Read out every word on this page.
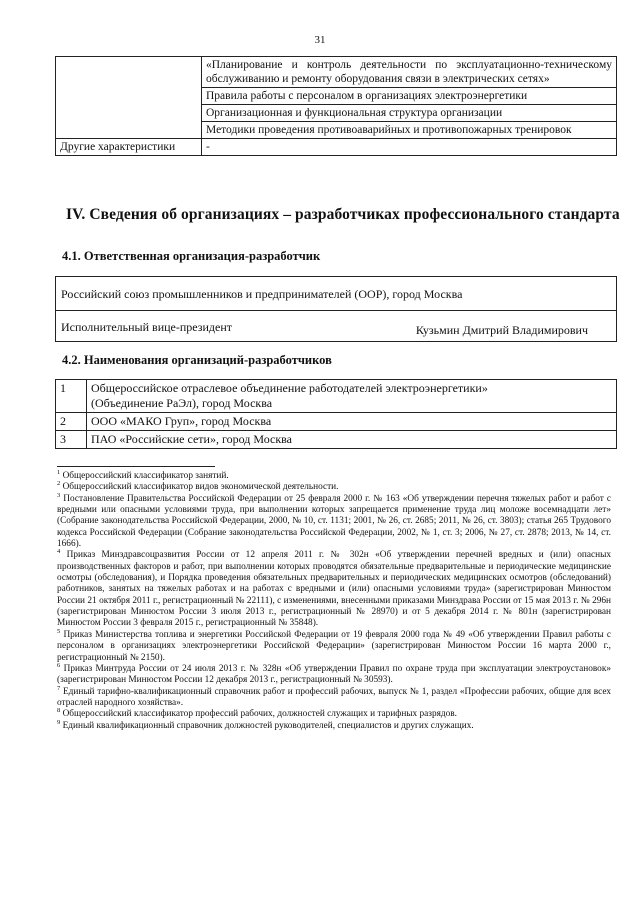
31
	«Планирование и контроль деятельности по эксплуатационно-техническому обслуживанию и ремонту оборудования связи в электрических сетях»
	Правила работы с персоналом в организациях электроэнергетики
	Организационная и функциональная структура организации
	Методики проведения противоаварийных и противопожарных тренировок
Другие характеристики	-
IV. Сведения об организациях – разработчиках профессионального стандарта
4.1. Ответственная организация-разработчик
Российский союз промышленников и предпринимателей (ООР), город Москва
Исполнительный вице-президент	Кузьмин Дмитрий Владимирович
4.2. Наименования организаций-разработчиков
1	Общероссийское отраслевое объединение работодателей электроэнергетики» (Объединение РаЭл), город Москва
2	ООО «МАКО Груп», город Москва
3	ПАО «Российские сети», город Москва

$^1$ Общероссийский классификатор занятий.

$^2$ Общероссийский классификатор видов экономической деятельности.

$^3$ Постановление Правительства Российской Федерации от 25 февраля 2000 г. № 163 «Об утверждении перечня тяжелых работ и работ с вредными или опасными условиями труда, при выполнении которых запрещается применение труда лиц моложе восемнадцати лет» (Собрание законодательства Российской Федерации, 2000, № 10, ст. 1131; 2001, № 26, ст. 2685; 2011, № 26, ст. 3803); статья 265 Трудового кодекса Российской Федерации (Собрание законодательства Российской Федерации, 2002, № 1, ст. 3; 2006, № 27, ст. 2878; 2013, № 14, ст. 1666).

$^4$ Приказ Минздравсоцразвития России от 12 апреля 2011 г. № 302н «Об утверждении перечней вредных и (или) опасных производственных факторов и работ, при выполнении которых проводятся обязательные предварительные и периодические медицинские осмотры (обследования), и Порядка проведения обязательных предварительных и периодических медицинских осмотров (обследований) работников, занятых на тяжелых работах и на работах с вредными и (или) опасными условиями труда» (зарегистрирован Минюстом России 21 октября 2011 г., регистрационный № 22111), с изменениями, внесенными приказами Минздрава России от 15 мая 2013 г. № 296н (зарегистрирован Минюстом России 3 июля 2013 г., регистрационный № 28970) и от 5 декабря 2014 г. № 801н (зарегистрирован Минюстом России 3 февраля 2015 г., регистрационный № 35848).

$^5$ Приказ Министерства топлива и энергетики Российской Федерации от 19 февраля 2000 года № 49 «Об утверждении Правил работы с персоналом в организациях электроэнергетики Российской Федерации» (зарегистрирован Минюстом России 16 марта 2000 г., регистрационный № 2150).

$^6$ Приказ Минтруда России от 24 июля 2013 г. № 328н «Об утверждении Правил по охране труда при эксплуатации электроустановок» (зарегистрирован Минюстом России 12 декабря 2013 г., регистрационный № 30593).

$^7$ Единый тарифно-квалификационный справочник работ и профессий рабочих, выпуск № 1, раздел «Профессии рабочих, общие для всех отраслей народного хозяйства».

$^8$ Общероссийский классификатор профессий рабочих, должностей служащих и тарифных разрядов.

$^9$ Единый квалификационный справочник должностей руководителей, специалистов и других служащих.
